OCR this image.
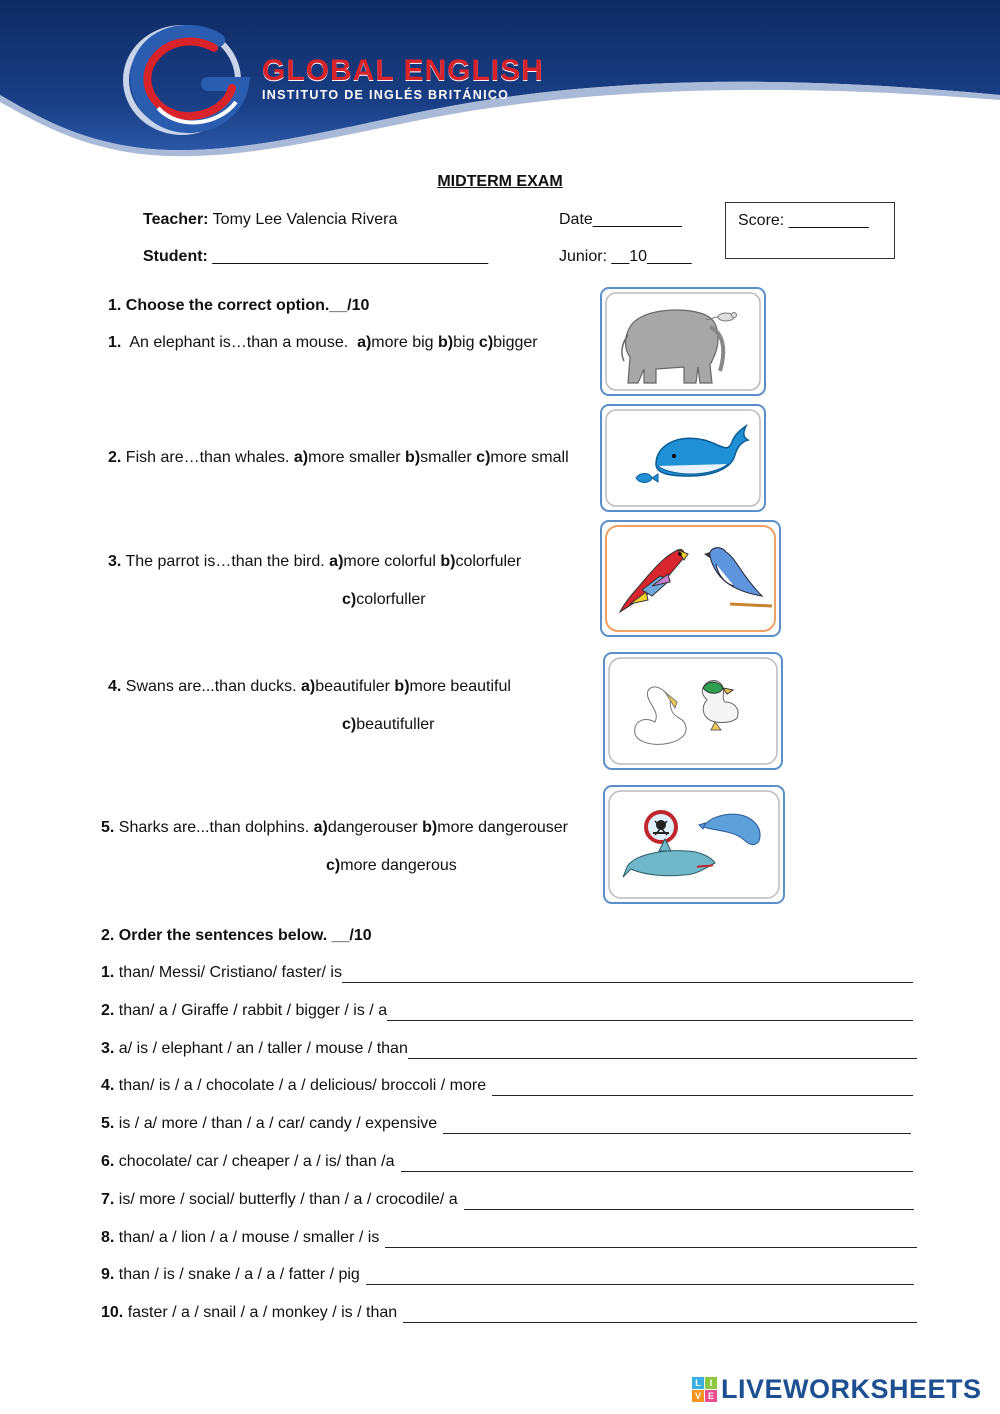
GLOBAL ENGLISH
INSTITUTO DE INGLÉS BRITÁNICO
MIDTERM EXAM
Teacher: Tomy Lee Valencia Rivera	Date__________
Student: _______________________________	Junior: __10_____
Score: _________
1. Choose the correct option.__/10
1. An elephant is…than a mouse. a)more big b)big c)bigger
2. Fish are…than whales. a)more smaller b)smaller c)more small
3. The parrot is…than the bird. a)more colorful b)colorfuler
c)colorfuller
4. Swans are...than ducks. a)beautifuler b)more beautiful
c)beautifuller
5. Sharks are...than dolphins. a)dangerouser b)more dangerouser
c)more dangerous
2. Order the sentences below. __/10
1.
than/ Messi/ Cristiano/ faster/ is
2.
than/ a / Giraffe / rabbit / bigger / is / a
3.
a/ is / elephant / an / taller / mouse / than
4.
than/ is / a / chocolate / a / delicious/ broccoli / more
5.
is / a/ more / than / a / car/ candy / expensive
6.
chocolate/ car / cheaper / a / is/ than /a
7.
is/ more / social/ butterfly / than / a / crocodile/ a
8.
than/ a / lion / a / mouse / smaller / is
9.
than / is / snake / a / a / fatter / pig
10.
faster / a / snail / a / monkey / is / than
L I
V E LIVEWORKSHEETS
